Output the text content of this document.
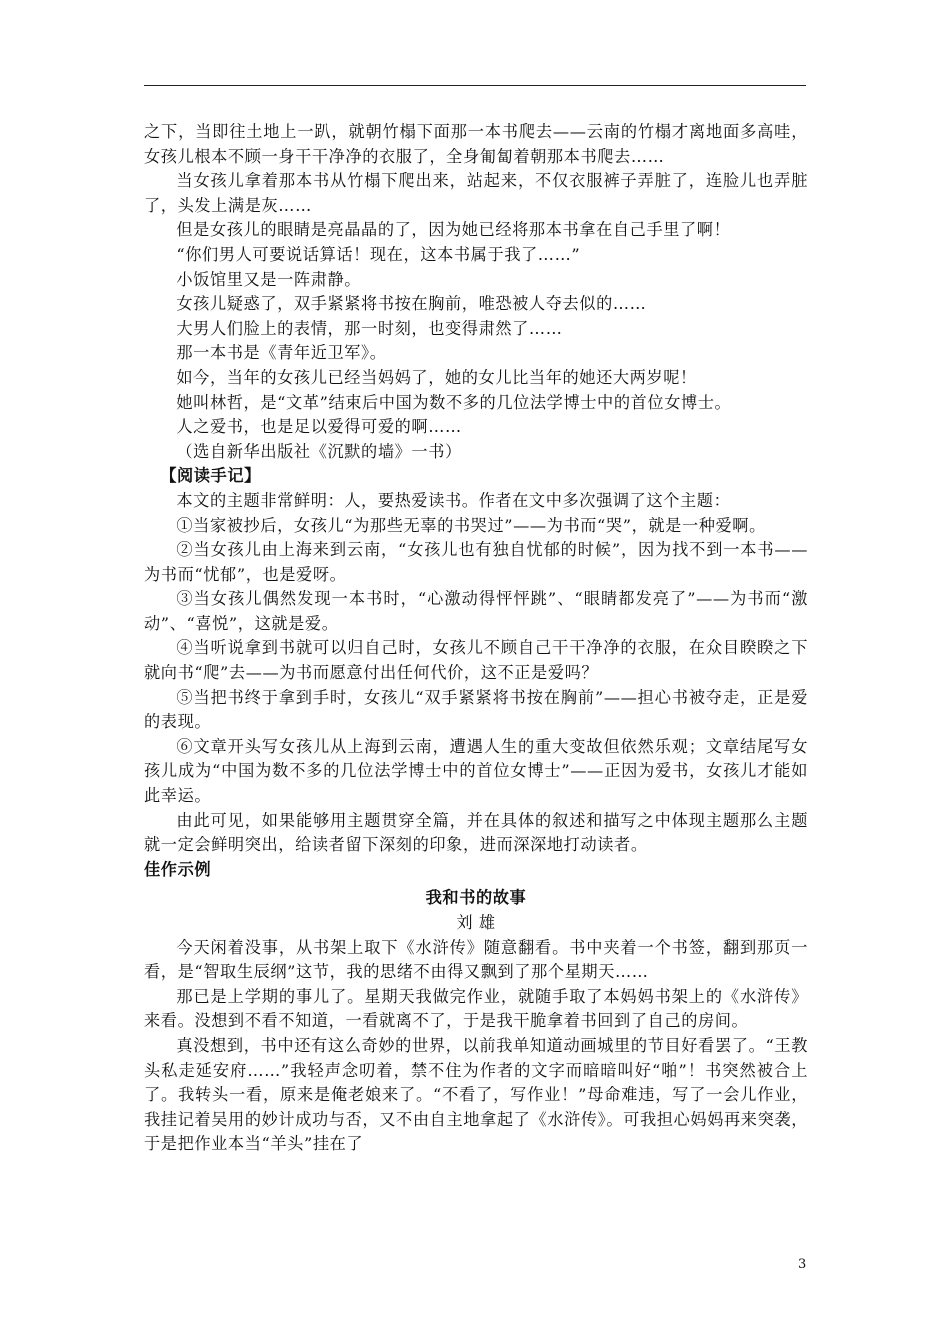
之下，当即往土地上一趴，就朝竹榻下面那一本书爬去——云南的竹榻才离地面多高哇，女孩儿根本不顾一身干干净净的衣服了，全身匍匐着朝那本书爬去……

当女孩儿拿着那本书从竹榻下爬出来，站起来，不仅衣服裤子弄脏了，连脸儿也弄脏了，头发上满是灰……

但是女孩儿的眼睛是亮晶晶的了，因为她已经将那本书拿在自己手里了啊！

“你们男人可要说话算话！现在，这本书属于我了……”

小饭馆里又是一阵肃静。

女孩儿疑惑了，双手紧紧将书按在胸前，唯恐被人夺去似的……

大男人们脸上的表情，那一时刻，也变得肃然了……

那一本书是《青年近卫军》。

如今，当年的女孩儿已经当妈妈了，她的女儿比当年的她还大两岁呢！

她叫林哲，是“文革”结束后中国为数不多的几位法学博士中的首位女博士。

人之爱书，也是足以爱得可爱的啊……

（选自新华出版社《沉默的墙》一书）

【阅读手记】

本文的主题非常鲜明：人，要热爱读书。作者在文中多次强调了这个主题：

①当家被抄后，女孩儿“为那些无辜的书哭过”——为书而“哭”，就是一种爱啊。

②当女孩儿由上海来到云南，“女孩儿也有独自忧郁的时候”，因为找不到一本书——为书而“忧郁”，也是爱呀。

③当女孩儿偶然发现一本书时，“心激动得怦怦跳”、“眼睛都发亮了”——为书而“激动”、“喜悦”，这就是爱。

④当听说拿到书就可以归自己时，女孩儿不顾自己干干净净的衣服，在众目睽睽之下就向书“爬”去——为书而愿意付出任何代价，这不正是爱吗？

⑤当把书终于拿到手时，女孩儿“双手紧紧将书按在胸前”——担心书被夺走，正是爱的表现。

⑥文章开头写女孩儿从上海到云南，遭遇人生的重大变故但依然乐观；文章结尾写女孩儿成为“中国为数不多的几位法学博士中的首位女博士”——正因为爱书，女孩儿才能如此幸运。

由此可见，如果能够用主题贯穿全篇，并在具体的叙述和描写之中体现主题那么主题就一定会鲜明突出，给读者留下深刻的印象，进而深深地打动读者。

佳作示例

我和书的故事

刘 雄

今天闲着没事，从书架上取下《水浒传》随意翻看。书中夹着一个书签，翻到那页一看，是“智取生辰纲”这节，我的思绪不由得又飘到了那个星期天……

那已是上学期的事儿了。星期天我做完作业，就随手取了本妈妈书架上的《水浒传》来看。没想到不看不知道，一看就离不了，于是我干脆拿着书回到了自己的房间。

真没想到，书中还有这么奇妙的世界，以前我单知道动画城里的节目好看罢了。“王教头私走延安府……”我轻声念叨着，禁不住为作者的文字而暗暗叫好“啪”！书突然被合上了。我转头一看，原来是俺老娘来了。“不看了，写作业！”母命难违，写了一会儿作业，我挂记着吴用的妙计成功与否，又不由自主地拿起了《水浒传》。可我担心妈妈再来突袭，于是把作业本当“羊头”挂在了

3
